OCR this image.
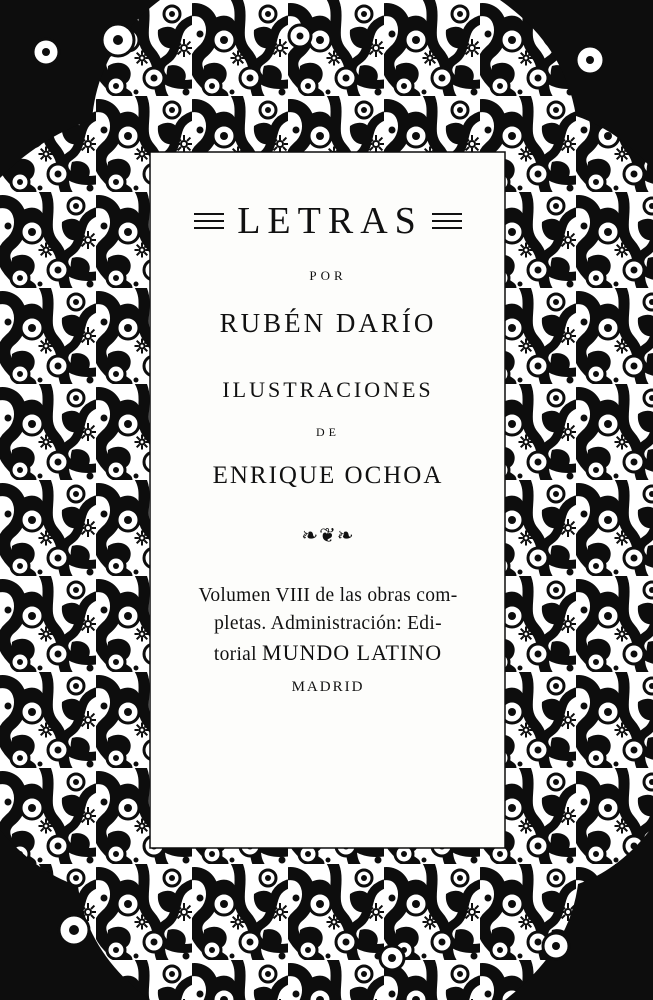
LETRAS
POR
RUBÉN DARÍO
ILUSTRACIONES
DE
ENRIQUE OCHOA
❧❦❧
Volumen VIII de las obras com-
pletas. Administración: Edi-
torial MUNDO LATINO
MADRID
